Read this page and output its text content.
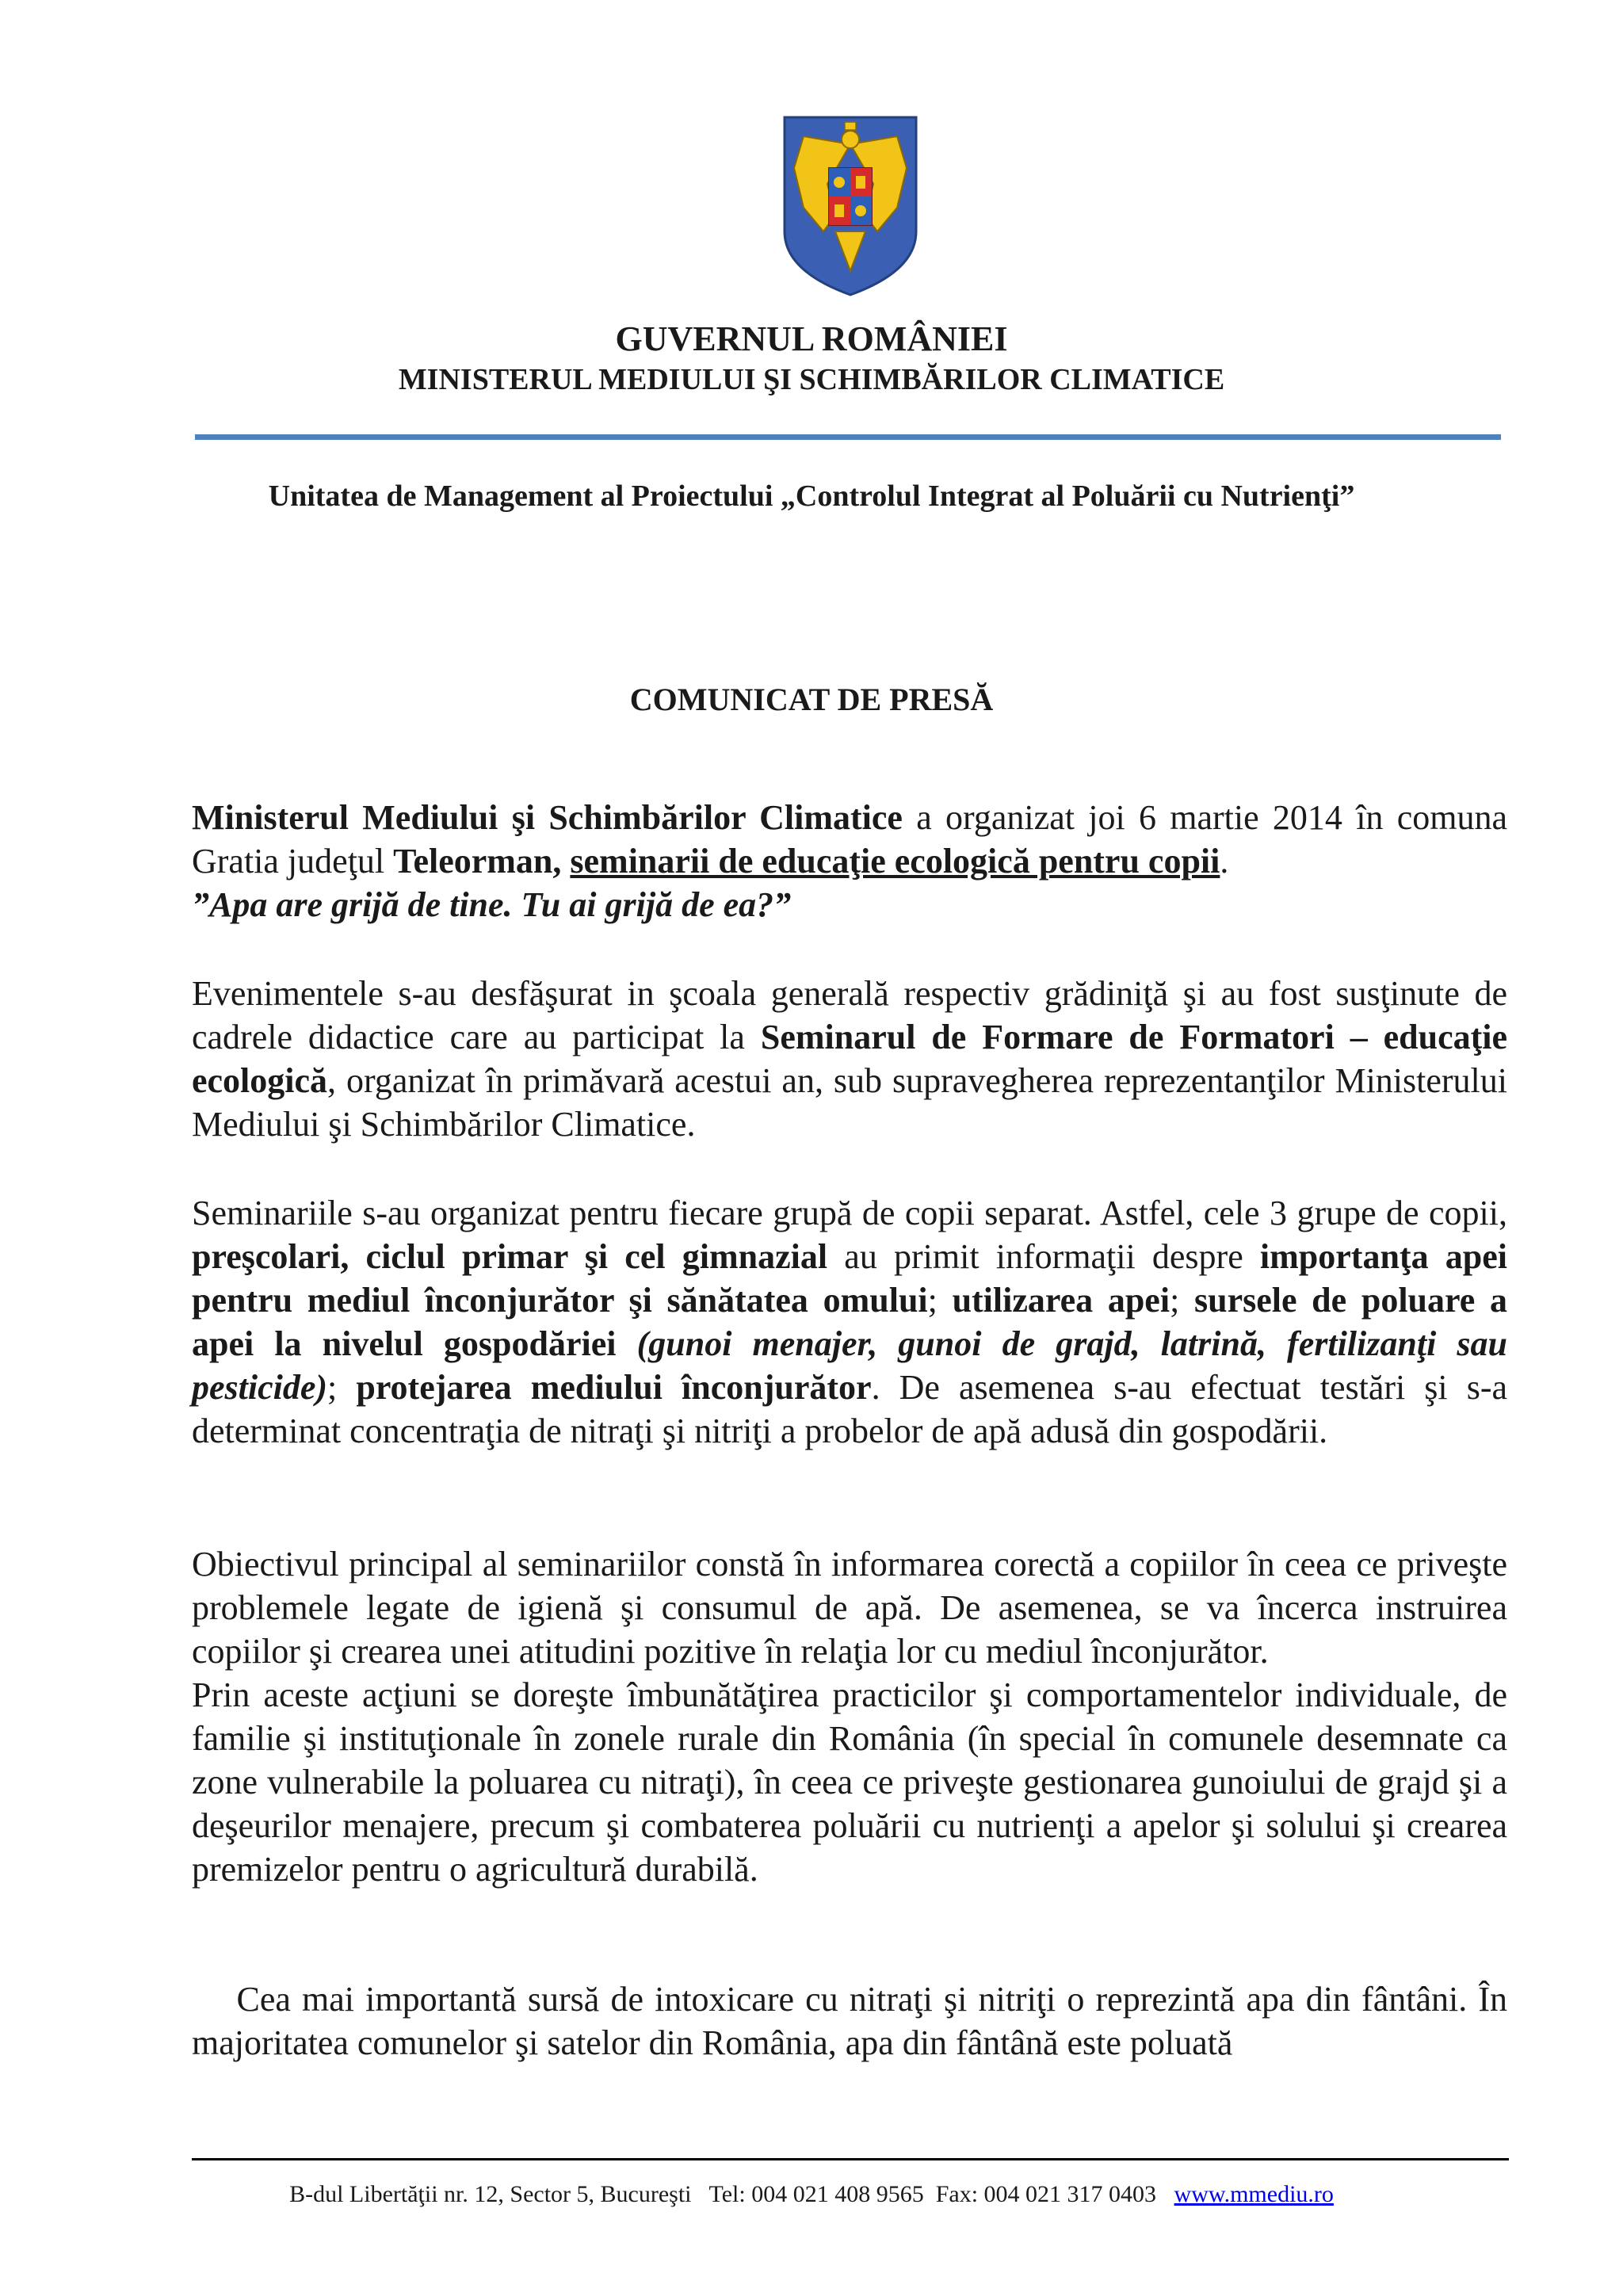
GUVERNUL ROMÂNIEI
MINISTERUL MEDIULUI ŞI SCHIMBĂRILOR CLIMATICE
Unitatea de Management al Proiectului „Controlul Integrat al Poluării cu Nutrienţi”
COMUNICAT DE PRESĂ

Ministerul Mediului şi Schimbărilor Climatice a organizat joi 6 martie 2014 în comuna Gratia judeţul Teleorman, seminarii de educaţie ecologică pentru copii.
”Apa are grijă de tine. Tu ai grijă de ea?”

Evenimentele s-au desfăşurat in şcoala generală respectiv grădiniţă şi au fost susţinute de cadrele didactice care au participat la Seminarul de Formare de Formatori – educaţie ecologică, organizat în primăvară acestui an, sub supravegherea reprezentanţilor Ministerului Mediului şi Schimbărilor Climatice.

Seminariile s-au organizat pentru fiecare grupă de copii separat. Astfel, cele 3 grupe de copii, preşcolari, ciclul primar şi cel gimnazial au primit informaţii despre importanţa apei pentru mediul înconjurător şi sănătatea omului; utilizarea apei; sursele de poluare a apei la nivelul gospodăriei (gunoi menajer, gunoi de grajd, latrină, fertilizanţi sau pesticide); protejarea mediului înconjurător. De asemenea s-au efectuat testări şi s-a determinat concentraţia de nitraţi şi nitriţi a probelor de apă adusă din gospodării.

Obiectivul principal al seminariilor constă în informarea corectă a copiilor în ceea ce priveşte problemele legate de igienă şi consumul de apă. De asemenea, se va încerca instruirea copiilor şi crearea unei atitudini pozitive în relaţia lor cu mediul înconjurător.

Prin aceste acţiuni se doreşte îmbunătăţirea practicilor şi comportamentelor individuale, de familie şi instituţionale în zonele rurale din România (în special în comunele desemnate ca zone vulnerabile la poluarea cu nitraţi), în ceea ce priveşte gestionarea gunoiului de grajd şi a deşeurilor menajere, precum şi combaterea poluării cu nutrienţi a apelor şi solului şi crearea premizelor pentru o agricultură durabilă.

Cea mai importantă sursă de intoxicare cu nitraţi şi nitriţi o reprezintă apa din fântâni. În majoritatea comunelor şi satelor din România, apa din fântână este poluată

B-dul Libertăţii nr. 12, Sector 5, Bucureşti Tel: 004 021 408 9565 Fax: 004 021 317 0403 www.mmediu.ro
